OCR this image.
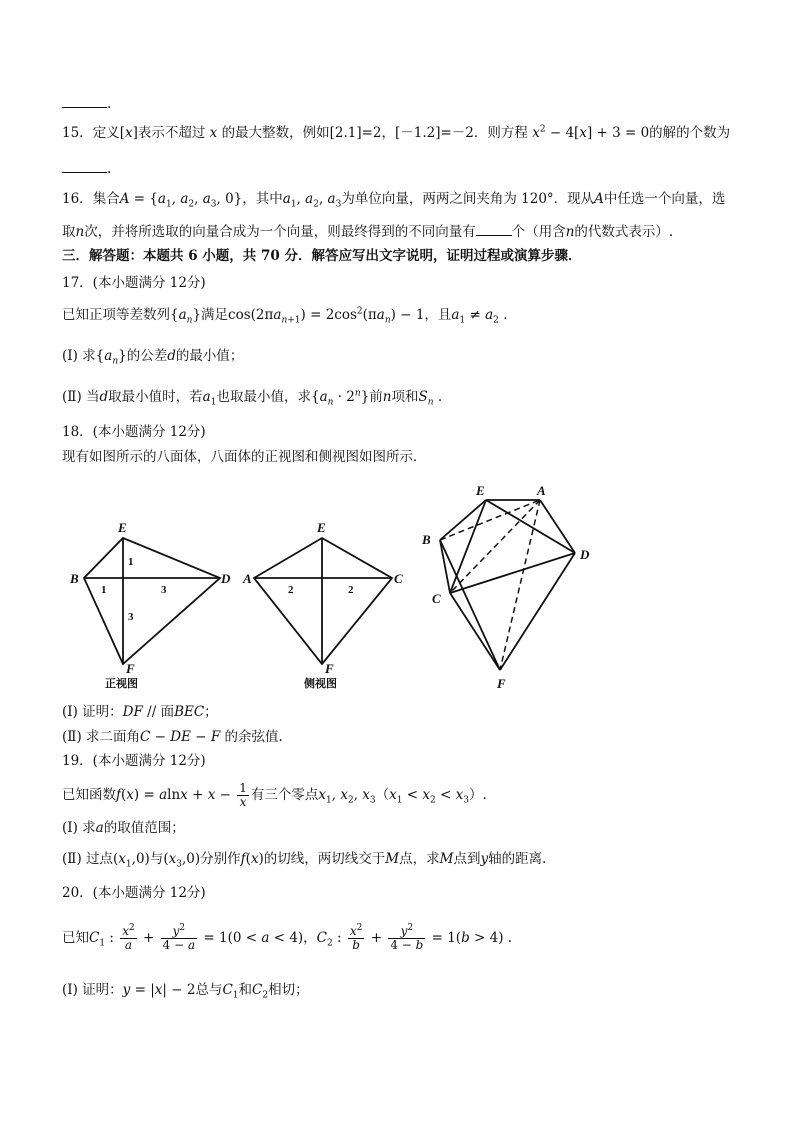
.
15．定义[x]表示不超过 x 的最大整数，例如[2.1]=2，[－1.2]=－2．则方程 $x^2 - 4[x] + 3 = 0$的解的个数为
.
16．集合$A = \{a_1$, $a_2$, $a_3$, 0}，其中$a_1$, $a_2$, $a_3$为单位向量，两两之间夹角为 120°．现从A中任选一个向量，选
取n次，并将所选取的向量合成为一个向量，则最终得到的不同向量有	个（用含n的代数式表示）.
三．解答题：本题共 6 小题，共 70 分．解答应写出文字说明，证明过程或演算步骤．
17．(本小题满分 12分)
已知正项等差数列$\{a_n\}$满足$\cos(2\pi a_{n+1}) = 2\cos^2(\pi a_n) - 1$，且$a_1 \ne a_2$ .
(Ⅰ) 求$\{a_n\}$的公差d的最小值；
(Ⅱ) 当d取最小值时，若$a_1$也取最小值，求$\{a_n \cdot 2^n\}$前n项和$S_n$ .
18．(本小题满分 12分)
现有如图所示的八面体，八面体的正视图和侧视图如图所示．
E
B	D
F
E
A	C
F
E	A
B
D
C
F
1
1	3
3
2	2
正视图	侧视图
(Ⅰ) 证明：DF // 面BEC；
(Ⅱ) 求二面角C − DE − F 的余弦值.
19．(本小题满分 12分)
已知函数$f(x) = alnx + x - \frac{1}{x}$ 有三个零点$x_1$, $x_2$, $x_3(x_1 < x_2 < x_3)$.
(Ⅰ) 求a的取值范围；
(Ⅱ) 过点$(x_1,0)$与$(x_3,0)$分别作f(x)的切线，两切线交于M点，求M点到y轴的距离．
20．(本小题满分 12分)
已知$C_1$ : $\frac{x^2}{a} + \frac{y^2}{4 - a} = 1(0 < a < 4)$，$C_2$ : $\frac{x^2}{b} + \frac{y^2}{4 - b} = 1(b > 4)$ .
(Ⅰ) 证明：y = |x| − 2总与$C_1$和$C_2$相切；
